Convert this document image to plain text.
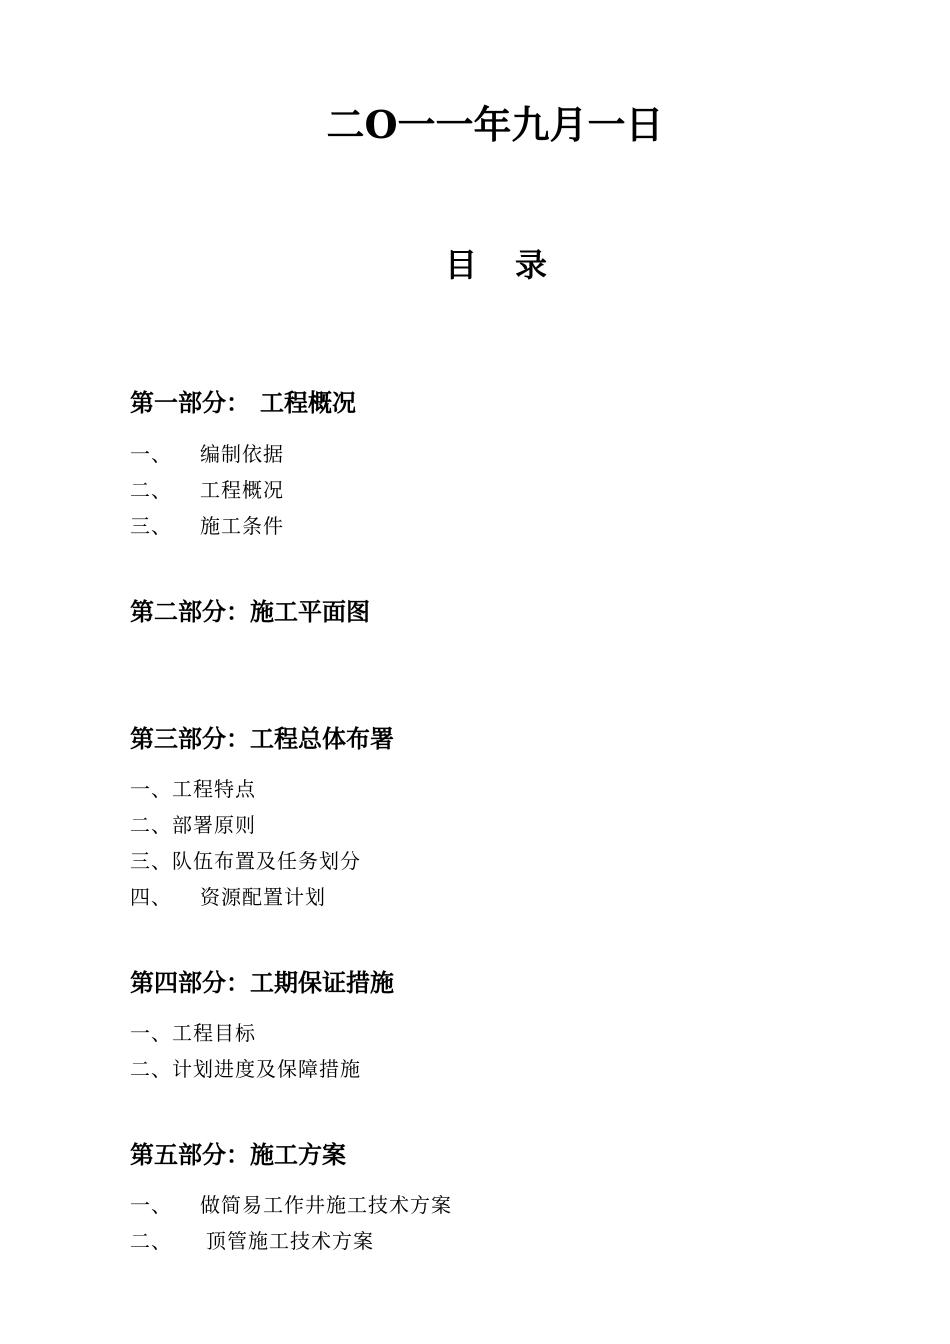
二O一一年九月一日
目 录
第一部分： 工程概况
一、 编制依据
二、 工程概况
三、 施工条件
第二部分：施工平面图
第三部分：工程总体布署
一、工程特点
二、部署原则
三、队伍布置及任务划分
四、 资源配置计划
第四部分：工期保证措施
一、工程目标
二、计划进度及保障措施
第五部分：施工方案
一、 做简易工作井施工技术方案
二、 顶管施工技术方案
